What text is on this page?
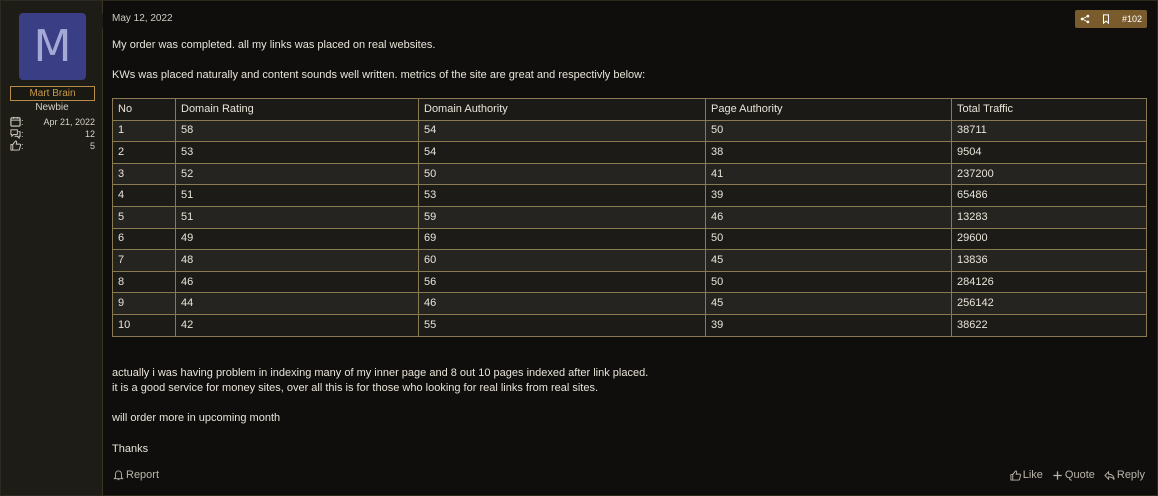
M
Mart Brain
Newbie
: Apr 21, 2022
:	12
:	5
May 12, 2022	#102
My order was completed. all my links was placed on real websites.
KWs was placed naturally and content sounds well written. metrics of the site are great and respectivly below:
No	Domain Rating	Domain Authority	Page Authority	Total Traffic
1	58	54	50	38711
2	53	54	38	9504
3	52	50	41	237200
4	51	53	39	65486
5	51	59	46	13283
6	49	69	50	29600
7	48	60	45	13836
8	46	56	50	284126
9	44	46	45	256142
10	42	55	39	38622
actually i was having problem in indexing many of my inner page and 8 out 10 pages indexed after link placed.
it is a good service for money sites, over all this is for those who looking for real links from real sites.
will order more in upcoming month
Thanks
Report	Like Quote Reply
